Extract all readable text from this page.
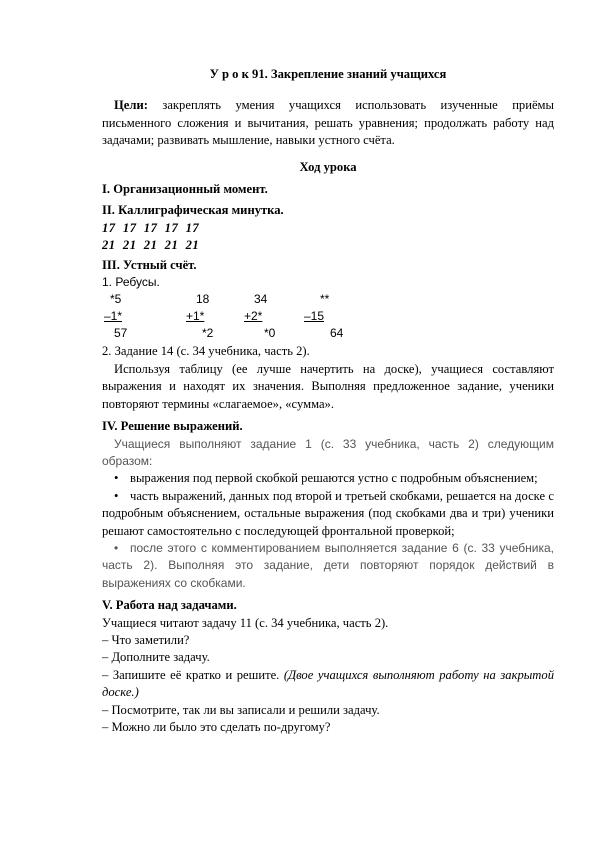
У р о к 91. Закрепление знаний учащихся
Цели: закреплять умения учащихся использовать изученные приёмы письменного сложения и вычитания, решать уравнения; продолжать работу над задачами; развивать мышление, навыки устного счёта.
Ход урока
I. Организационный момент.
II. Каллиграфическая минутка.
17  17  17  17  17
21  21  21  21  21
III. Устный счёт.
1. Ребусы.
*5	18	34	**
–1*	+1*	+2*	–15
57	*2	*0	64
2. Задание 14 (с. 34 учебника, часть 2).
Используя таблицу (ее лучше начертить на доске), учащиеся составляют выражения и находят их значения. Выполняя предложенное задание, ученики повторяют термины «слагаемое», «сумма».
IV. Решение выражений.
Учащиеся выполняют задание 1 (с. 33 учебника, часть 2) следующим образом:
• выражения под первой скобкой решаются устно с подробным объяснением;
• часть выражений, данных под второй и третьей скобками, решается на доске с подробным объяснением, остальные выражения (под скобками два и три) ученики решают самостоятельно с последующей фронтальной проверкой;
• после этого с комментированием выполняется задание 6 (с. 33 учебника, часть 2). Выполняя это задание, дети повторяют порядок действий в выражениях со скобками.
V. Работа над задачами.
Учащиеся читают задачу 11 (с. 34 учебника, часть 2).
– Что заметили?
– Дополните задачу.
– Запишите её кратко и решите. (Двое учащихся выполняют работу на закрытой доске.)
– Посмотрите, так ли вы записали и решили задачу.
– Можно ли было это сделать по-другому?
